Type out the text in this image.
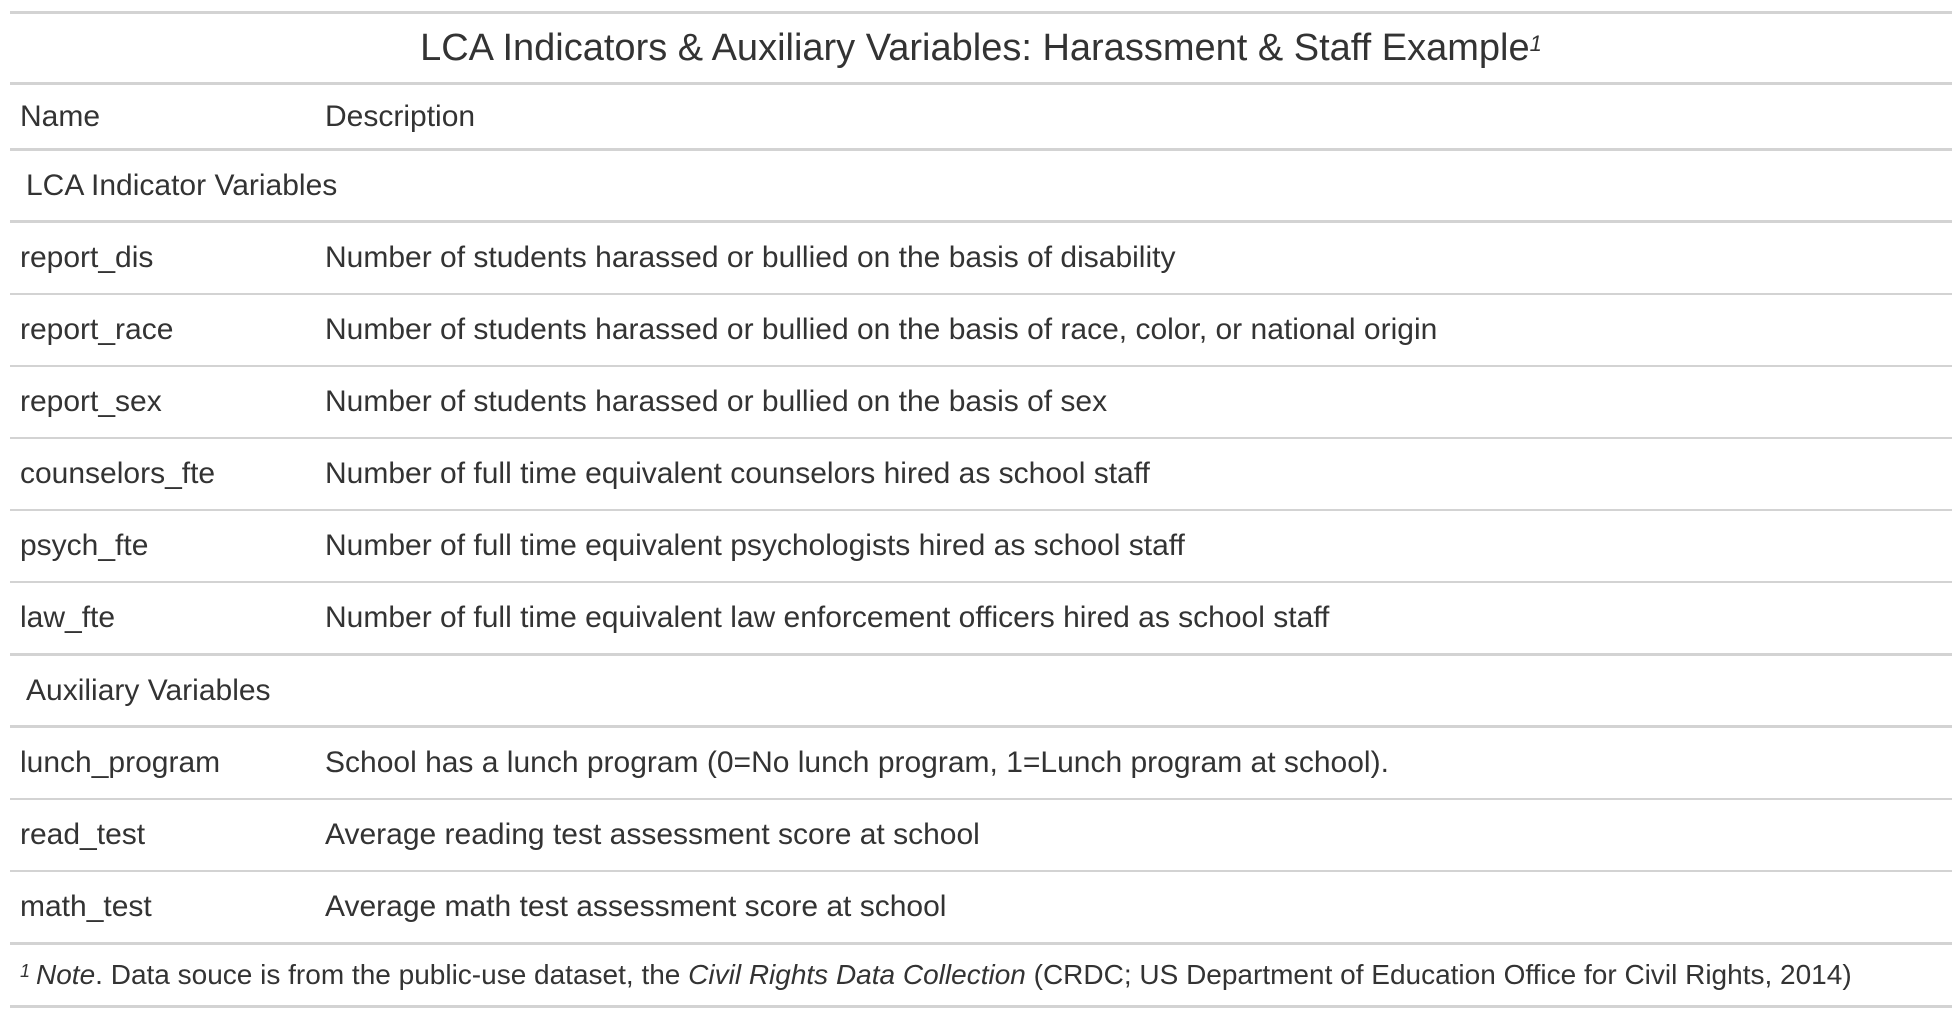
LCA Indicators & Auxiliary Variables: Harassment & Staff Example$^1$
Name	Description
LCA Indicator Variables
report_dis	Number of students harassed or bullied on the basis of disability
report_race	Number of students harassed or bullied on the basis of race, color, or national origin
report_sex	Number of students harassed or bullied on the basis of sex
counselors_fte	Number of full time equivalent counselors hired as school staff
psych_fte	Number of full time equivalent psychologists hired as school staff
law_fte	Number of full time equivalent law enforcement officers hired as school staff
Auxiliary Variables
lunch_program	School has a lunch program (0=No lunch program, 1=Lunch program at school).
read_test	Average reading test assessment score at school
math_test	Average math test assessment score at school
$^1$ Note . Data souce is from the public-use dataset, the Civil Rights Data Collection (CRDC; US Department of Education Office for Civil Rights, 2014)
